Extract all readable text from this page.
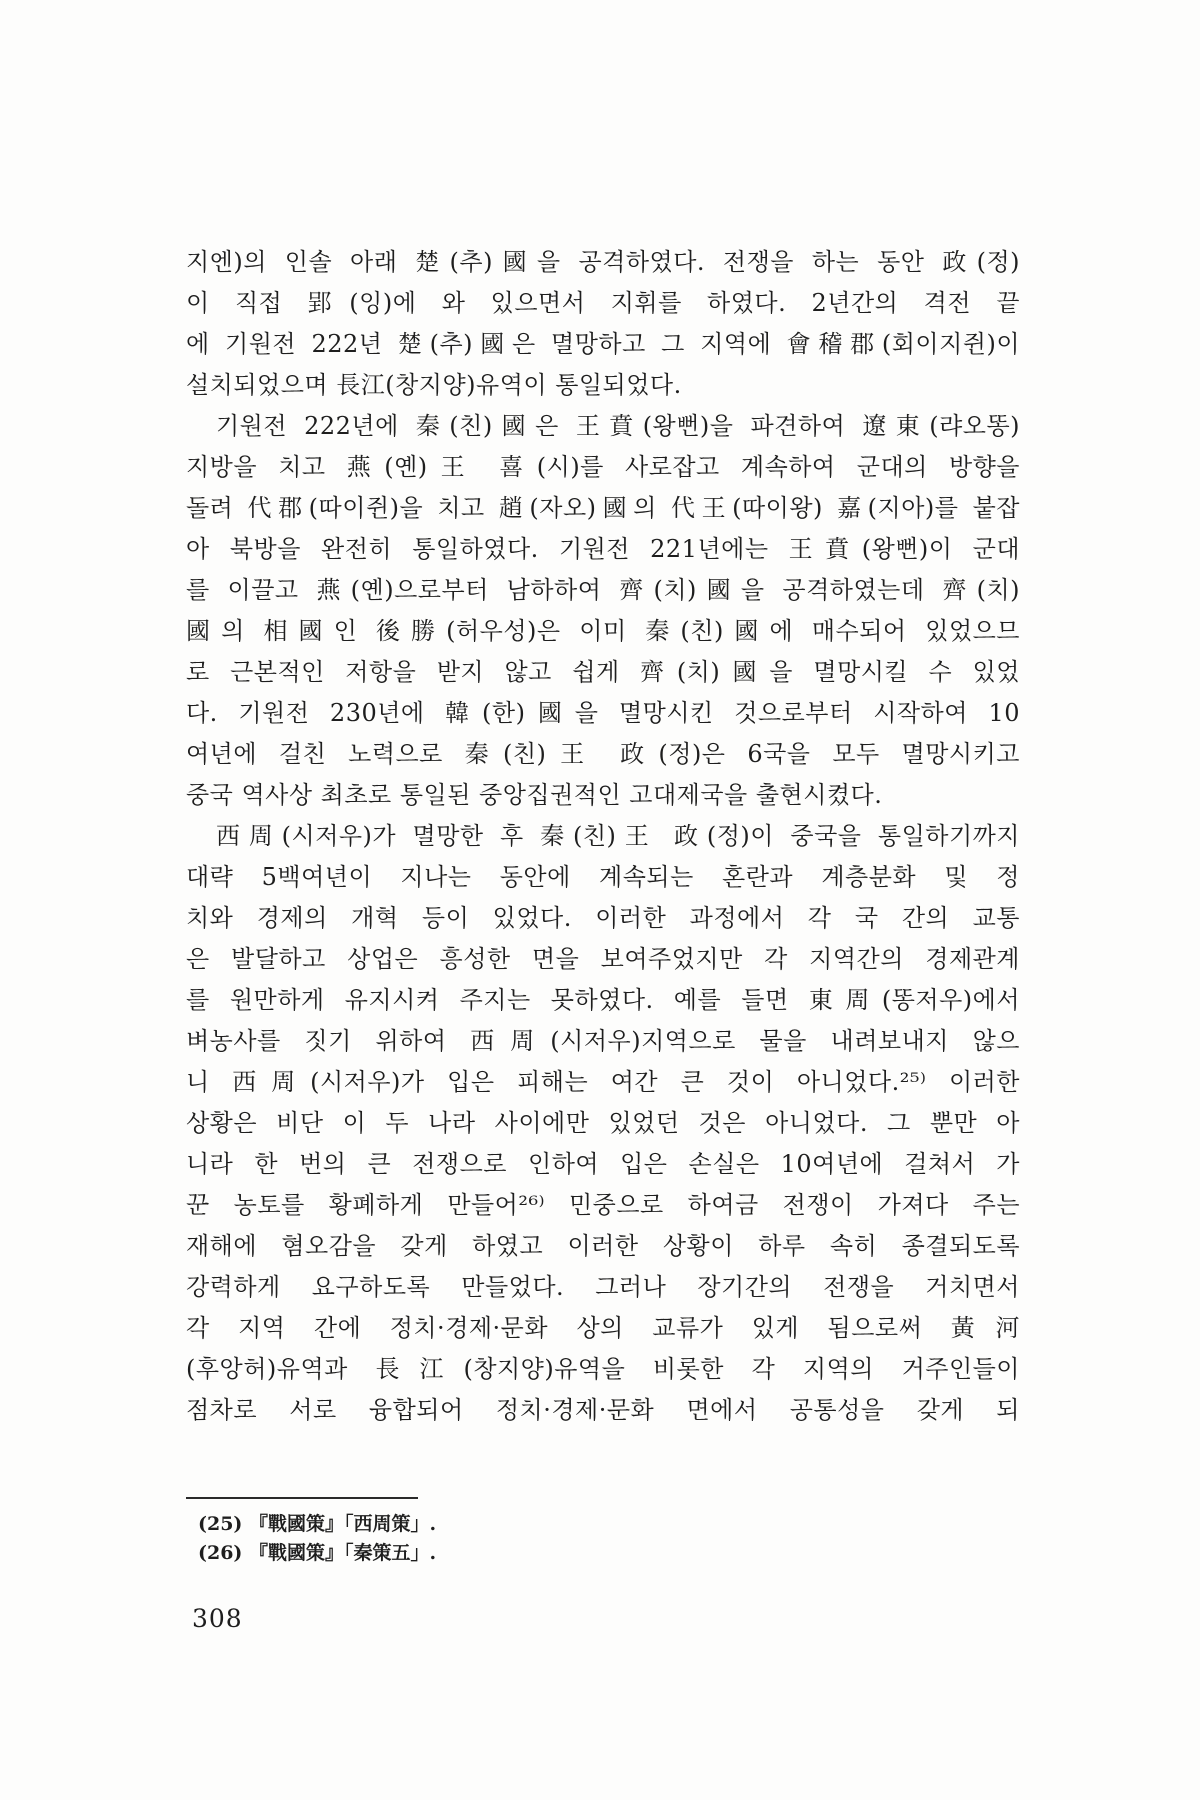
지엔)의 인솔 아래 楚(추)國을 공격하였다. 전쟁을 하는 동안 政(정)
이 직접 郢(잉)에 와 있으면서 지휘를 하였다. 2년간의 격전 끝
에 기원전 222년 楚(추)國은 멸망하고 그 지역에 會稽郡(회이지쥔)이
설치되었으며 長江(창지양)유역이 통일되었다.
기원전 222년에 秦(친)國은 王賁(왕뻔)을 파견하여 遼東(랴오똥)
지방을 치고 燕(옌)王 喜(시)를 사로잡고 계속하여 군대의 방향을
돌려 代郡(따이쥔)을 치고 趙(자오)國의 代王(따이왕) 嘉(지아)를 붙잡
아 북방을 완전히 통일하였다. 기원전 221년에는 王賁(왕뻔)이 군대
를 이끌고 燕(옌)으로부터 남하하여 齊(치)國을 공격하였는데 齊(치)
國의 相國인 後勝(허우성)은 이미 秦(친)國에 매수되어 있었으므
로 근본적인 저항을 받지 않고 쉽게 齊(치)國을 멸망시킬 수 있었
다. 기원전 230년에 韓(한)國을 멸망시킨 것으로부터 시작하여 10
여년에 걸친 노력으로 秦(친)王 政(정)은 6국을 모두 멸망시키고
중국 역사상 최초로 통일된 중앙집권적인 고대제국을 출현시켰다.
西周(시저우)가 멸망한 후 秦(친)王 政(정)이 중국을 통일하기까지
대략 5백여년이 지나는 동안에 계속되는 혼란과 계층분화 및 정
치와 경제의 개혁 등이 있었다. 이러한 과정에서 각 국 간의 교통
은 발달하고 상업은 흥성한 면을 보여주었지만 각 지역간의 경제관계
를 원만하게 유지시켜 주지는 못하였다. 예를 들면 東周(똥저우)에서
벼농사를 짓기 위하여 西周(시저우)지역으로 물을 내려보내지 않으
니 西周(시저우)가 입은 피해는 여간 큰 것이 아니었다.²⁵⁾ 이러한
상황은 비단 이 두 나라 사이에만 있었던 것은 아니었다. 그 뿐만 아
니라 한 번의 큰 전쟁으로 인하여 입은 손실은 10여년에 걸쳐서 가
꾼 농토를 황폐하게 만들어²⁶⁾ 민중으로 하여금 전쟁이 가져다 주는
재해에 혐오감을 갖게 하였고 이러한 상황이 하루 속히 종결되도록
강력하게 요구하도록 만들었다. 그러나 장기간의 전쟁을 거치면서
각 지역 간에 정치·경제·문화 상의 교류가 있게 됨으로써 黃河
(후앙허)유역과 長江(창지양)유역을 비롯한 각 지역의 거주인들이
점차로 서로 융합되어 정치·경제·문화 면에서 공통성을 갖게 되
(25) 『戰國策』「西周策」.
(26) 『戰國策』「秦策五」.
308
